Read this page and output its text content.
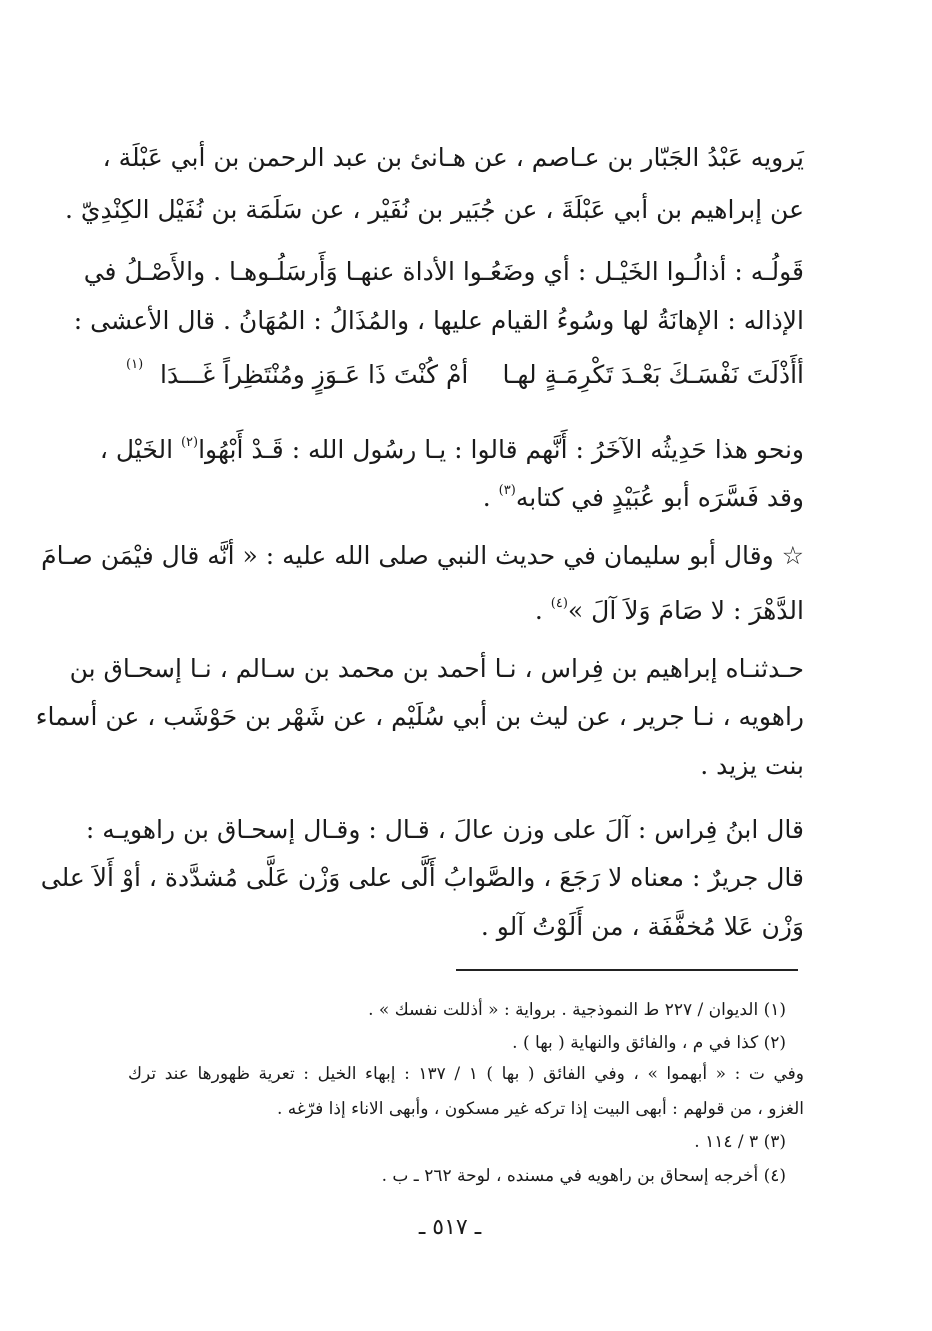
يَرويه عَبْدُ الجَبّار بن عـاصم ، عن هـانئ بن عبد الرحمن بن أبي عَبْلَة ،
عن إبراهيم بن أبي عَبْلَةَ ، عن جُبَير بن نُفَيْر ، عن سَلَمَة بن نُفَيْل الكِنْدِيّ .
قَولُـه : أذالُـوا الخَيْـل : أي وضَعُـوا الأداة عنهـا وَأَرسَلُـوهـا . والأَصْـلُ في
الإذاله : الإهانَةُ لها وسُوءُ القيام عليها ، والمُذَالُ : المُهَانُ . قال الأعشى :
أأَذْلَتَ نَفْسَـكَ بَعْـدَ تَكْرِمَـةٍ لهـا
أمْ كُنْتَ ذَا عَـوَزٍ ومُنْتَظِراً غَـــدَا
(١)
ونحو هذا حَدِيثُه الآخَرُ : أَنَّهم قالوا : يـا رسُول الله : قَـدْ أَبْهُوا$^{(٢)}$ الخَيْل ،
وقد فَسَّرَه أبو عُبَيْدٍ في كتابه$^{(٣)}$ .
☆ وقال أبو سليمان في حديث النبي صلى الله عليه : « أنَّه قال فيْمَن صـامَ
الدَّهْرَ : لا صَامَ وَلاَ آلَ »$^{(٤)}$ .
حـدثنـاه إبراهيم بن فِراس ، نـا أحمد بن محمد بن سـالم ، نـا إسحـاق بن
راهويه ، نـا جرير ، عن ليث بن أبي سُلَيْم ، عن شَهْر بن حَوْشَب ، عن أسماء
بنت يزيد .
قال ابنُ فِراس : آلَ على وزن عالَ ، قـال : وقـال إسحـاق بن راهويـه :
قال جريرٌ : معناه لا رَجَعَ ، والصَّوابُ أَلَّى على وَزْن عَلَّى مُشدَّدة ، أوْ أَلاَ على
وَزْن عَلا مُخفَّفَة ، من أَلَوْتُ آلو .
(١) الديوان / ٢٢٧ ط النموذجية . برواية : « أذللت نفسك » .
(٢) كذا في م ، والفائق والنهاية ( بها ) .
وفي ت : « أبهموا » ، وفي الفائق ( بها ) ١ / ١٣٧ : إبهاء الخيل : تعرية ظهورها عند ترك
الغزو ، من قولهم : أبهى البيت إذا تركه غير مسكون ، وأبهى الاناء إذا فرّغه .
(٣) ٣ / ١١٤ .
(٤) أخرجه إسحاق بن راهويه في مسنده ، لوحة ٢٦٢ ـ ب .
ـ ٥١٧ ـ
